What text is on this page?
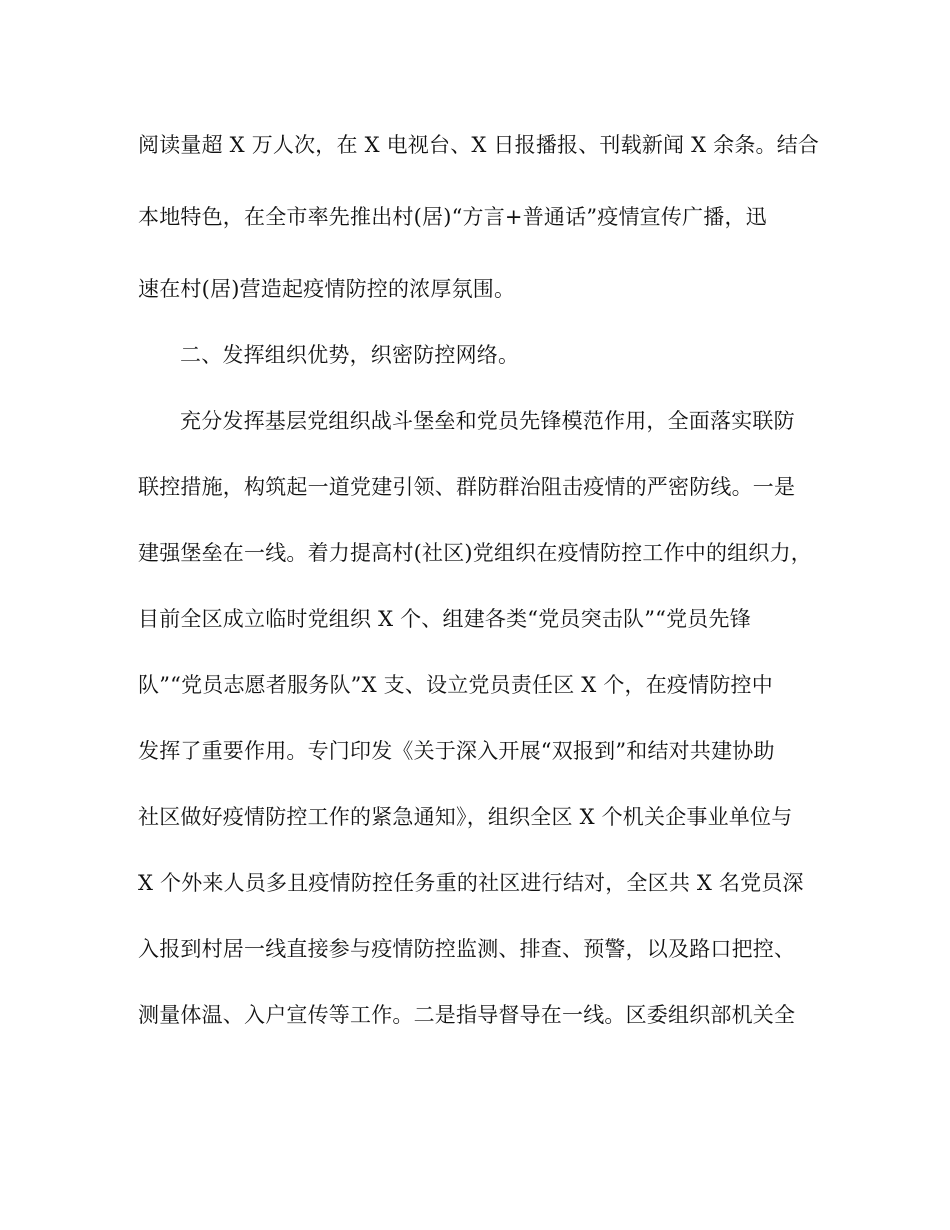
阅读量超 X 万人次，在 X 电视台、X 日报播报、刊载新闻 X 余条。结合
本地特色，在全市率先推出村(居)“方言+普通话”疫情宣传广播，迅
速在村(居)营造起疫情防控的浓厚氛围。
二、发挥组织优势，织密防控网络。
充分发挥基层党组织战斗堡垒和党员先锋模范作用，全面落实联防
联控措施，构筑起一道党建引领、群防群治阻击疫情的严密防线。一是
建强堡垒在一线。着力提高村(社区)党组织在疫情防控工作中的组织力，
目前全区成立临时党组织 X 个、组建各类“党员突击队”“党员先锋
队”“党员志愿者服务队”X 支、设立党员责任区 X 个，在疫情防控中
发挥了重要作用。专门印发《关于深入开展“双报到”和结对共建协助
社区做好疫情防控工作的紧急通知》，组织全区 X 个机关企事业单位与
X 个外来人员多且疫情防控任务重的社区进行结对，全区共 X 名党员深
入报到村居一线直接参与疫情防控监测、排查、预警，以及路口把控、
测量体温、入户宣传等工作。二是指导督导在一线。区委组织部机关全
